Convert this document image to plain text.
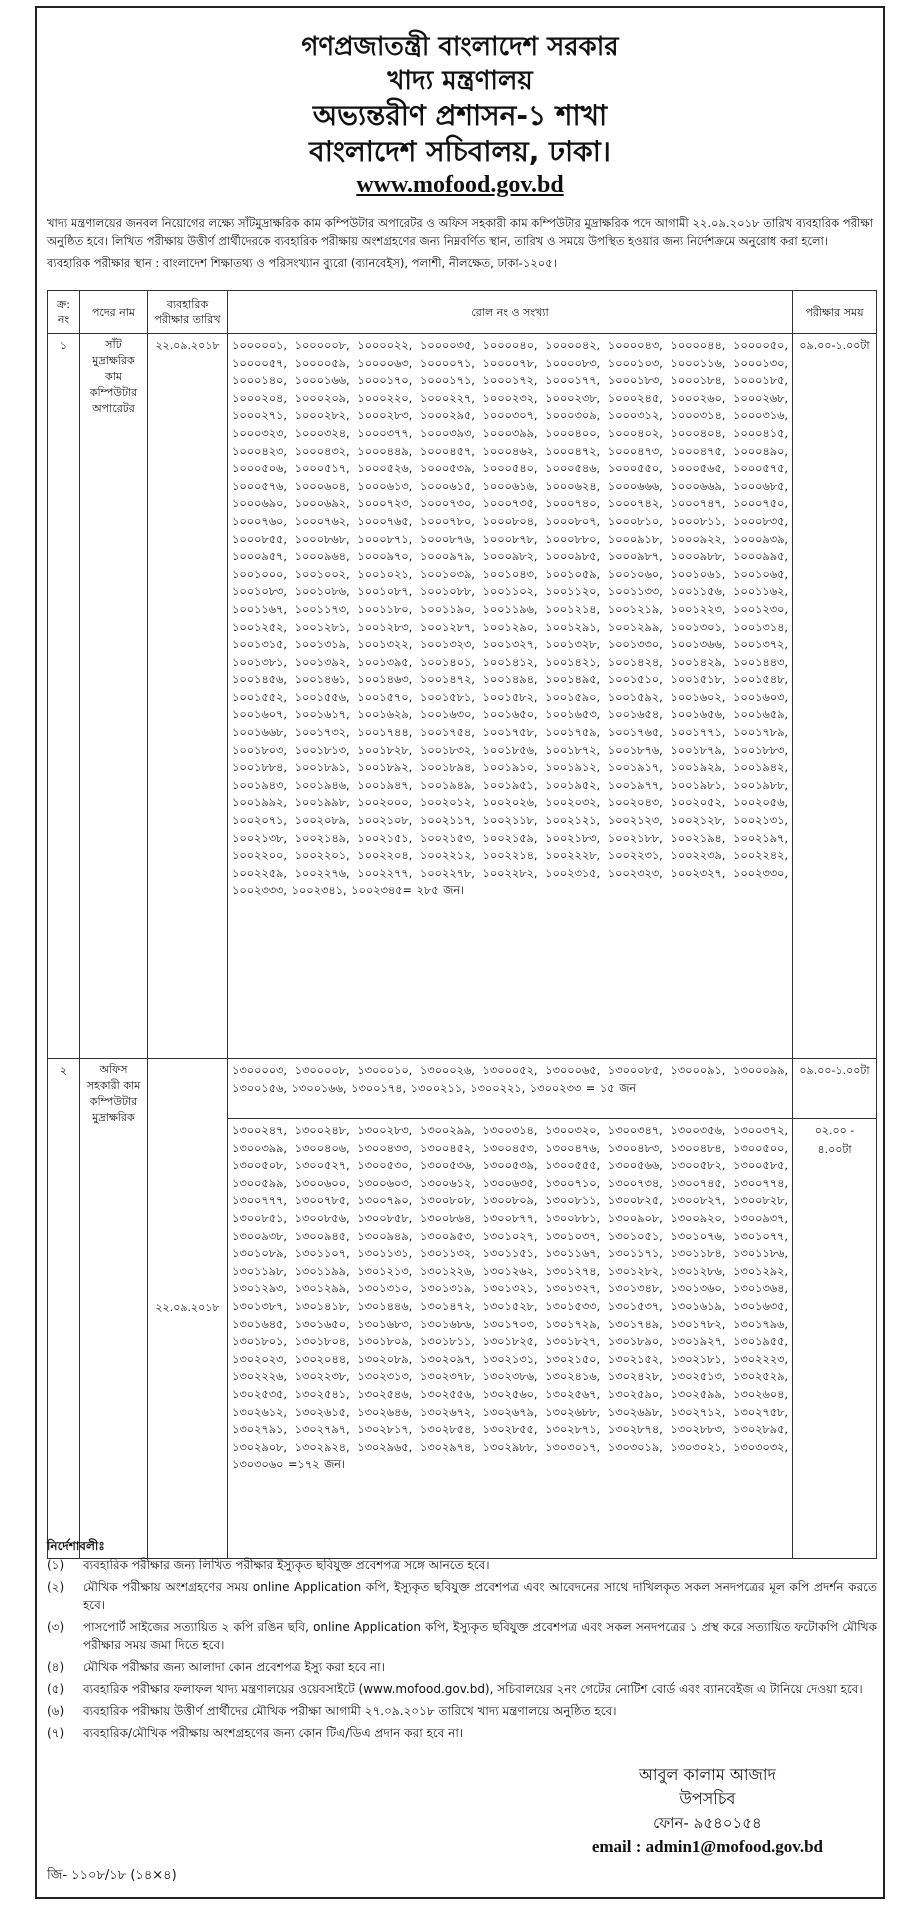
গণপ্রজাতন্ত্রী বাংলাদেশ সরকার
খাদ্য মন্ত্রণালয়
অভ্যন্তরীণ প্রশাসন-১ শাখা
বাংলাদেশ সচিবালয়, ঢাকা।
www.mofood.gov.bd
খাদ্য মন্ত্রণালয়ের জনবল নিয়োগের লক্ষ্যে সাঁটমুদ্রাক্ষরিক কাম কম্পিউটার অপারেটর ও অফিস সহকারী কাম কম্পিউটার মুদ্রাক্ষরিক পদে আগামী ২২.০৯.২০১৮ তারিখ ব্যবহারিক পরীক্ষা অনুষ্ঠিত হবে। লিখিত পরীক্ষায় উত্তীর্ণ প্রার্থীদেরকে ব্যবহারিক পরীক্ষায় অংশগ্রহণের জন্য নিম্নবর্ণিত স্থান, তারিখ ও সময়ে উপস্থিত হওয়ার জন্য নির্দেশক্রমে অনুরোধ করা হলো।
ব্যবহারিক পরীক্ষার স্থান : বাংলাদেশ শিক্ষাতথ্য ও পরিসংখ্যান ব্যুরো (ব্যানবেইস), পলাশী, নীলক্ষেত, ঢাকা-১২০৫।
ক্র: নং	পদের নাম	ব্যবহারিক পরীক্ষার তারিখ	রোল নং ও সংখ্যা	পরীক্ষার সময়
১	সাঁট মুদ্রাক্ষরিক কাম কম্পিউটার অপারেটর	২২.০৯.২০১৮	১০০০০০১, ১০০০০০৮, ১০০০০২২, ১০০০০৩৫, ১০০০০৪০, ১০০০০৪২, ১০০০০৪৩, ১০০০০৪৪, ১০০০০৫০, ১০০০০৫৭, ১০০০০৫৯, ১০০০০৬৩, ১০০০০৭১, ১০০০০৭৮, ১০০০০৮৩, ১০০০১০৩, ১০০০১১৬, ১০০০১৩০, ১০০০১৪০, ১০০০১৬৬, ১০০০১৭০, ১০০০১৭১, ১০০০১৭২, ১০০০১৭৭, ১০০০১৮৩, ১০০০১৮৪, ১০০০১৮৫, ১০০০২০৪, ১০০০২০৯, ১০০০২২০, ১০০০২২৭, ১০০০২৩২, ১০০০২৩৮, ১০০০২৪৫, ১০০০২৬০, ১০০০২৬৮, ১০০০২৭১, ১০০০২৮২, ১০০০২৮৩, ১০০০২৯৫, ১০০০৩০৭, ১০০০৩০৯, ১০০০৩১২, ১০০০৩১৪, ১০০০৩১৬, ১০০০৩২৩, ১০০০৩২৪, ১০০০৩৭৭, ১০০০৩৯৩, ১০০০৩৯৯, ১০০০৪০০, ১০০০৪০২, ১০০০৪০৪, ১০০০৪১৫, ১০০০৪২৩, ১০০০৪৩২, ১০০০৪৪৯, ১০০০৪৫৭, ১০০০৪৬২, ১০০০৪৭২, ১০০০৪৭৩, ১০০০৪৭৫, ১০০০৪৯০, ১০০০৫০৬, ১০০০৫১৭, ১০০০৫২৬, ১০০০৫৩৯, ১০০০৫৪০, ১০০০৫৪৬, ১০০০৫৫০, ১০০০৫৬৫, ১০০০৫৭৫, ১০০০৫৭৬, ১০০০৬০৪, ১০০০৬১৩, ১০০০৬১৫, ১০০০৬১৬, ১০০০৬২৪, ১০০০৬৬৬, ১০০০৬৬৯, ১০০০৬৮৫, ১০০০৬৯০, ১০০০৬৯২, ১০০০৭২৩, ১০০০৭৩০, ১০০০৭৩৫, ১০০০৭৪০, ১০০০৭৪২, ১০০০৭৪৭, ১০০০৭৫০, ১০০০৭৬০, ১০০০৭৬২, ১০০০৭৬৫, ১০০০৭৮০, ১০০০৮০৪, ১০০০৮০৭, ১০০০৮১০, ১০০০৮১১, ১০০০৮৩৫, ১০০০৮৫৫, ১০০০৮৬৮, ১০০০৮৭১, ১০০০৮৭৬, ১০০০৮৭৮, ১০০০৮৮০, ১০০০৯১৮, ১০০০৯২২, ১০০০৯৩৯, ১০০০৯৫৭, ১০০০৯৬৪, ১০০০৯৭০, ১০০০৯৭৯, ১০০০৯৮২, ১০০০৯৮৫, ১০০০৯৮৭, ১০০০৯৮৮, ১০০০৯৯৫, ১০০১০০০, ১০০১০০২, ১০০১০২১, ১০০১০৩৯, ১০০১০৪৩, ১০০১০৫৯, ১০০১০৬০, ১০০১০৬১, ১০০১০৬৫, ১০০১০৮৩, ১০০১০৮৬, ১০০১০৮৭, ১০০১০৮৮, ১০০১১০২, ১০০১১২০, ১০০১১৩৩, ১০০১১৫৬, ১০০১১৬২, ১০০১১৬৭, ১০০১১৭৩, ১০০১১৮০, ১০০১১৯০, ১০০১১৯৬, ১০০১২১৪, ১০০১২১৯, ১০০১২২৩, ১০০১২৩০, ১০০১২৫২, ১০০১২৮১, ১০০১২৮৩, ১০০১২৮৭, ১০০১২৯০, ১০০১২৯১, ১০০১২৯৯, ১০০১৩০১, ১০০১৩১৪, ১০০১৩১৫, ১০০১৩১৯, ১০০১৩২২, ১০০১৩২৩, ১০০১৩২৭, ১০০১৩২৮, ১০০১৩৩০, ১০০১৩৬৬, ১০০১৩৭২, ১০০১৩৮১, ১০০১৩৯২, ১০০১৩৯৫, ১০০১৪০১, ১০০১৪১২, ১০০১৪২১, ১০০১৪২৪, ১০০১৪২৯, ১০০১৪৪৩, ১০০১৪৫৬, ১০০১৪৬১, ১০০১৪৬৩, ১০০১৪৭২, ১০০১৪৯৪, ১০০১৪৯৫, ১০০১৫১০, ১০০১৫১৮, ১০০১৫৪৮, ১০০১৫৫২, ১০০১৫৫৬, ১০০১৫৭০, ১০০১৫৮১, ১০০১৫৮২, ১০০১৫৯০, ১০০১৫৯২, ১০০১৬০২, ১০০১৬০৩, ১০০১৬০৭, ১০০১৬১৭, ১০০১৬২৯, ১০০১৬৩০, ১০০১৬৫০, ১০০১৬৫৩, ১০০১৬৫৪, ১০০১৬৫৬, ১০০১৬৫৯, ১০০১৬৬৮, ১০০১৭৩২, ১০০১৭৪৪, ১০০১৭৫৪, ১০০১৭৫৮, ১০০১৭৫৯, ১০০১৭৬৫, ১০০১৭৭১, ১০০১৭৮৯, ১০০১৮০৩, ১০০১৮১৩, ১০০১৮২৮, ১০০১৮৩২, ১০০১৮৫৬, ১০০১৮৭২, ১০০১৮৭৬, ১০০১৮৭৯, ১০০১৮৮৩, ১০০১৮৮৪, ১০০১৮৯১, ১০০১৮৯২, ১০০১৮৯৪, ১০০১৯১০, ১০০১৯১২, ১০০১৯১৭, ১০০১৯২৯, ১০০১৯৪২, ১০০১৯৪৩, ১০০১৯৪৬, ১০০১৯৪৭, ১০০১৯৪৯, ১০০১৯৫১, ১০০১৯৫২, ১০০১৯৭৭, ১০০১৯৮১, ১০০১৯৮৮, ১০০১৯৯২, ১০০১৯৯৮, ১০০২০০০, ১০০২০১২, ১০০২০২৬, ১০০২০৩২, ১০০২০৪৩, ১০০২০৫২, ১০০২০৫৬, ১০০২০৭১, ১০০২০৮৯, ১০০২১০৮, ১০০২১১৭, ১০০২১১৮, ১০০২১২১, ১০০২১২৩, ১০০২১২৮, ১০০২১৩১, ১০০২১৩৮, ১০০২১৪৯, ১০০২১৫১, ১০০২১৫৩, ১০০২১৫৯, ১০০২১৮৩, ১০০২১৮৮, ১০০২১৯৪, ১০০২১৯৭, ১০০২২০০, ১০০২২০১, ১০০২২০৪, ১০০২২১২, ১০০২২১৪, ১০০২২২৮, ১০০২২৩১, ১০০২২৩৯, ১০০২২৪২, ১০০২২৫৯, ১০০২২৭৬, ১০০২২৭৭, ১০০২২৭৮, ১০০২২৮২, ১০০২৩১৫, ১০০২৩২৩, ১০০২৩২৭, ১০০২৩৩০, ১০০২৩৩৩, ১০০২৩৪১, ১০০২৩৪৫= ২৮৫ জন।	০৯.০০-১.০০টা
২	অফিস সহকারী কাম কম্পিউটার মুদ্রাক্ষরিক	২২.০৯.২০১৮	১৩০০০০৩, ১৩০০০০৮, ১৩০০০১০, ১৩০০০২৬, ১৩০০০৫২, ১৩০০০৬৫, ১৩০০০৮৫, ১৩০০০৯১, ১৩০০০৯৯, ১৩০০১৫৬, ১৩০০১৬৬, ১৩০০১৭৪, ১৩০০২১১, ১৩০০২২১, ১৩০০২৩৩ = ১৫ জন	০৯.০০-১.০০টা
			১৩০০২৪৭, ১৩০০২৪৮, ১৩০০২৮৩, ১৩০০২৯৯, ১৩০০৩১৪, ১৩০০৩২০, ১৩০০৩৪৭, ১৩০০৩৫৬, ১৩০০৩৭২, ১৩০০৩৯৯, ১৩০০৪০৬, ১৩০০৪৩৩, ১৩০০৪৫২, ১৩০০৪৫৩, ১৩০০৪৭৬, ১৩০০৪৮৩, ১৩০০৪৮৪, ১৩০০৫০০, ১৩০০৫০৮, ১৩০০৫২৭, ১৩০০৫৩০, ১৩০০৫৩৬, ১৩০০৫৩৯, ১৩০০৫৫৫, ১৩০০৫৬৬, ১৩০০৫৮২, ১৩০০৫৮৫, ১৩০০৫৯৯, ১৩০০৬০০, ১৩০০৬০৩, ১৩০০৬১২, ১৩০০৬৩৫, ১৩০০৭১০, ১৩০০৭৩৪, ১৩০০৭৪৫, ১৩০০৭৭৪, ১৩০০৭৭৭, ১৩০০৭৮৫, ১৩০০৭৯০, ১৩০০৮০৮, ১৩০০৮০৯, ১৩০০৮১১, ১৩০০৮২৫, ১৩০০৮২৭, ১৩০০৮২৮, ১৩০০৮৫১, ১৩০০৮৫৬, ১৩০০৮৫৮, ১৩০০৮৬৪, ১৩০০৮৭৭, ১৩০০৮৮১, ১৩০০৯০৮, ১৩০০৯২০, ১৩০০৯৩৭, ১৩০০৯৩৮, ১৩০০৯৪৫, ১৩০০৯৪৯, ১৩০০৯৫৩, ১৩০১০২৭, ১৩০১০৩৭, ১৩০১০৫১, ১৩০১০৭৬, ১৩০১০৭৭, ১৩০১০৮৯, ১৩০১১০৭, ১৩০১১৩১, ১৩০১১৩২, ১৩০১১৫১, ১৩০১১৬৭, ১৩০১১৭১, ১৩০১১৮৪, ১৩০১১৮৬, ১৩০১১৯৮, ১৩০১১৯৯, ১৩০১২১৩, ১৩০১২২৬, ১৩০১২৬২, ১৩০১২৭৪, ১৩০১২৮২, ১৩০১২৮৬, ১৩০১২৯২, ১৩০১২৯৩, ১৩০১২৯৯, ১৩০১৩১০, ১৩০১৩১৯, ১৩০১৩২১, ১৩০১৩২৭, ১৩০১৩৪৮, ১৩০১৩৬০, ১৩০১৩৬৪, ১৩০১৩৮৭, ১৩০১৪১৮, ১৩০১৪৪৬, ১৩০১৪৭২, ১৩০১৫২৮, ১৩০১৫৩৩, ১৩০১৫৩৭, ১৩০১৬১৯, ১৩০১৬৩৫, ১৩০১৬৪৫, ১৩০১৬৫০, ১৩০১৬৮৩, ১৩০১৬৮৬, ১৩০১৭০৩, ১৩০১৭২৯, ১৩০১৭৪৯, ১৩০১৭৮২, ১৩০১৭৯৬, ১৩০১৮০১, ১৩০১৮০৪, ১৩০১৮০৯, ১৩০১৮১১, ১৩০১৮২৫, ১৩০১৮২৭, ১৩০১৮৯০, ১৩০১৯২৭, ১৩০১৯৫৫, ১৩০২০২৩, ১৩০২০৪৪, ১৩০২০৮৯, ১৩০২০৯৭, ১৩০২১৩১, ১৩০২১৫০, ১৩০২১৫২, ১৩০২১৮১, ১৩০২২২৩, ১৩০২২২৬, ১৩০২২৩৮, ১৩০২৩১৩, ১৩০২৩৭৮, ১৩০২৩৮৬, ১৩০২৪১৬, ১৩০২৪২৮, ১৩০২৫১৩, ১৩০২৫২৯, ১৩০২৫৩৫, ১৩০২৫৪১, ১৩০২৫৪৬, ১৩০২৫৫৬, ১৩০২৫৬০, ১৩০২৫৬৭, ১৩০২৫৯০, ১৩০২৫৯৯, ১৩০২৬০৪, ১৩০২৬১২, ১৩০২৬১৫, ১৩০২৬৪৬, ১৩০২৬৭২, ১৩০২৬৭৯, ১৩০২৬৮৮, ১৩০২৬৯৮, ১৩০২৭১২, ১৩০২৭৫৮, ১৩০২৭৯১, ১৩০২৭৯৭, ১৩০২৮১৭, ১৩০২৮৫৪, ১৩০২৮৫৫, ১৩০২৮৭১, ১৩০২৮৭৪, ১৩০২৮৮৩, ১৩০২৮৯৫, ১৩০২৯০৮, ১৩০২৯২৪, ১৩০২৯৬৫, ১৩০২৯৭৪, ১৩০২৯৮৮, ১৩০৩০১৭, ১৩০৩০১৯, ১৩০৩০২১, ১৩০৩০৩২, ১৩০৩০৬০ =১৭২ জন।	০২.০০ - ৪.০০টা
নির্দেশাবলীঃ
(১)	ব্যবহারিক পরীক্ষার জন্য লিখিত পরীক্ষার ইস্যুকৃত ছবিযুক্ত প্রবেশপত্র সঙ্গে আনতে হবে।
(২)	মৌখিক পরীক্ষায় অংশগ্রহণের সময় online Application কপি, ইস্যুকৃত ছবিযুক্ত প্রবেশপত্র এবং আবেদনের সাথে দাখিলকৃত সকল সনদপত্রের মূল কপি প্রদর্শন করতে হবে।
(৩)	পাসপোর্ট সাইজের সত্যায়িত ২ কপি রঙিন ছবি, online Application কপি, ইস্যুকৃত ছবিযুক্ত প্রবেশপত্র এবং সকল সনদপত্রের ১ প্রস্থ করে সত্যায়িত ফটোকপি মৌখিক পরীক্ষার সময় জমা দিতে হবে।
(৪)	মৌখিক পরীক্ষার জন্য আলাদা কোন প্রবেশপত্র ইস্যু করা হবে না।
(৫)	ব্যবহারিক পরীক্ষার ফলাফল খাদ্য মন্ত্রণালয়ের ওয়েবসাইটে (www.mofood.gov.bd), সচিবালয়ের ২নং গেটের নোটিশ বোর্ড এবং ব্যানবেইজ এ টানিয়ে দেওয়া হবে।
(৬)	ব্যবহারিক পরীক্ষায় উত্তীর্ণ প্রার্থীদের মৌখিক পরীক্ষা আগামী ২৭.০৯.২০১৮ তারিখে খাদ্য মন্ত্রণালয়ে অনুষ্ঠিত হবে।
(৭)	ব্যবহারিক/মৌখিক পরীক্ষায় অংশগ্রহণের জন্য কোন টিএ/ডিএ প্রদান করা হবে না।
আবুল কালাম আজাদ
উপসচিব
ফোন- ৯৫৪০১৫৪
email : admin1@mofood.gov.bd
জি- ১১০৮/১৮ (১৪×৪)
